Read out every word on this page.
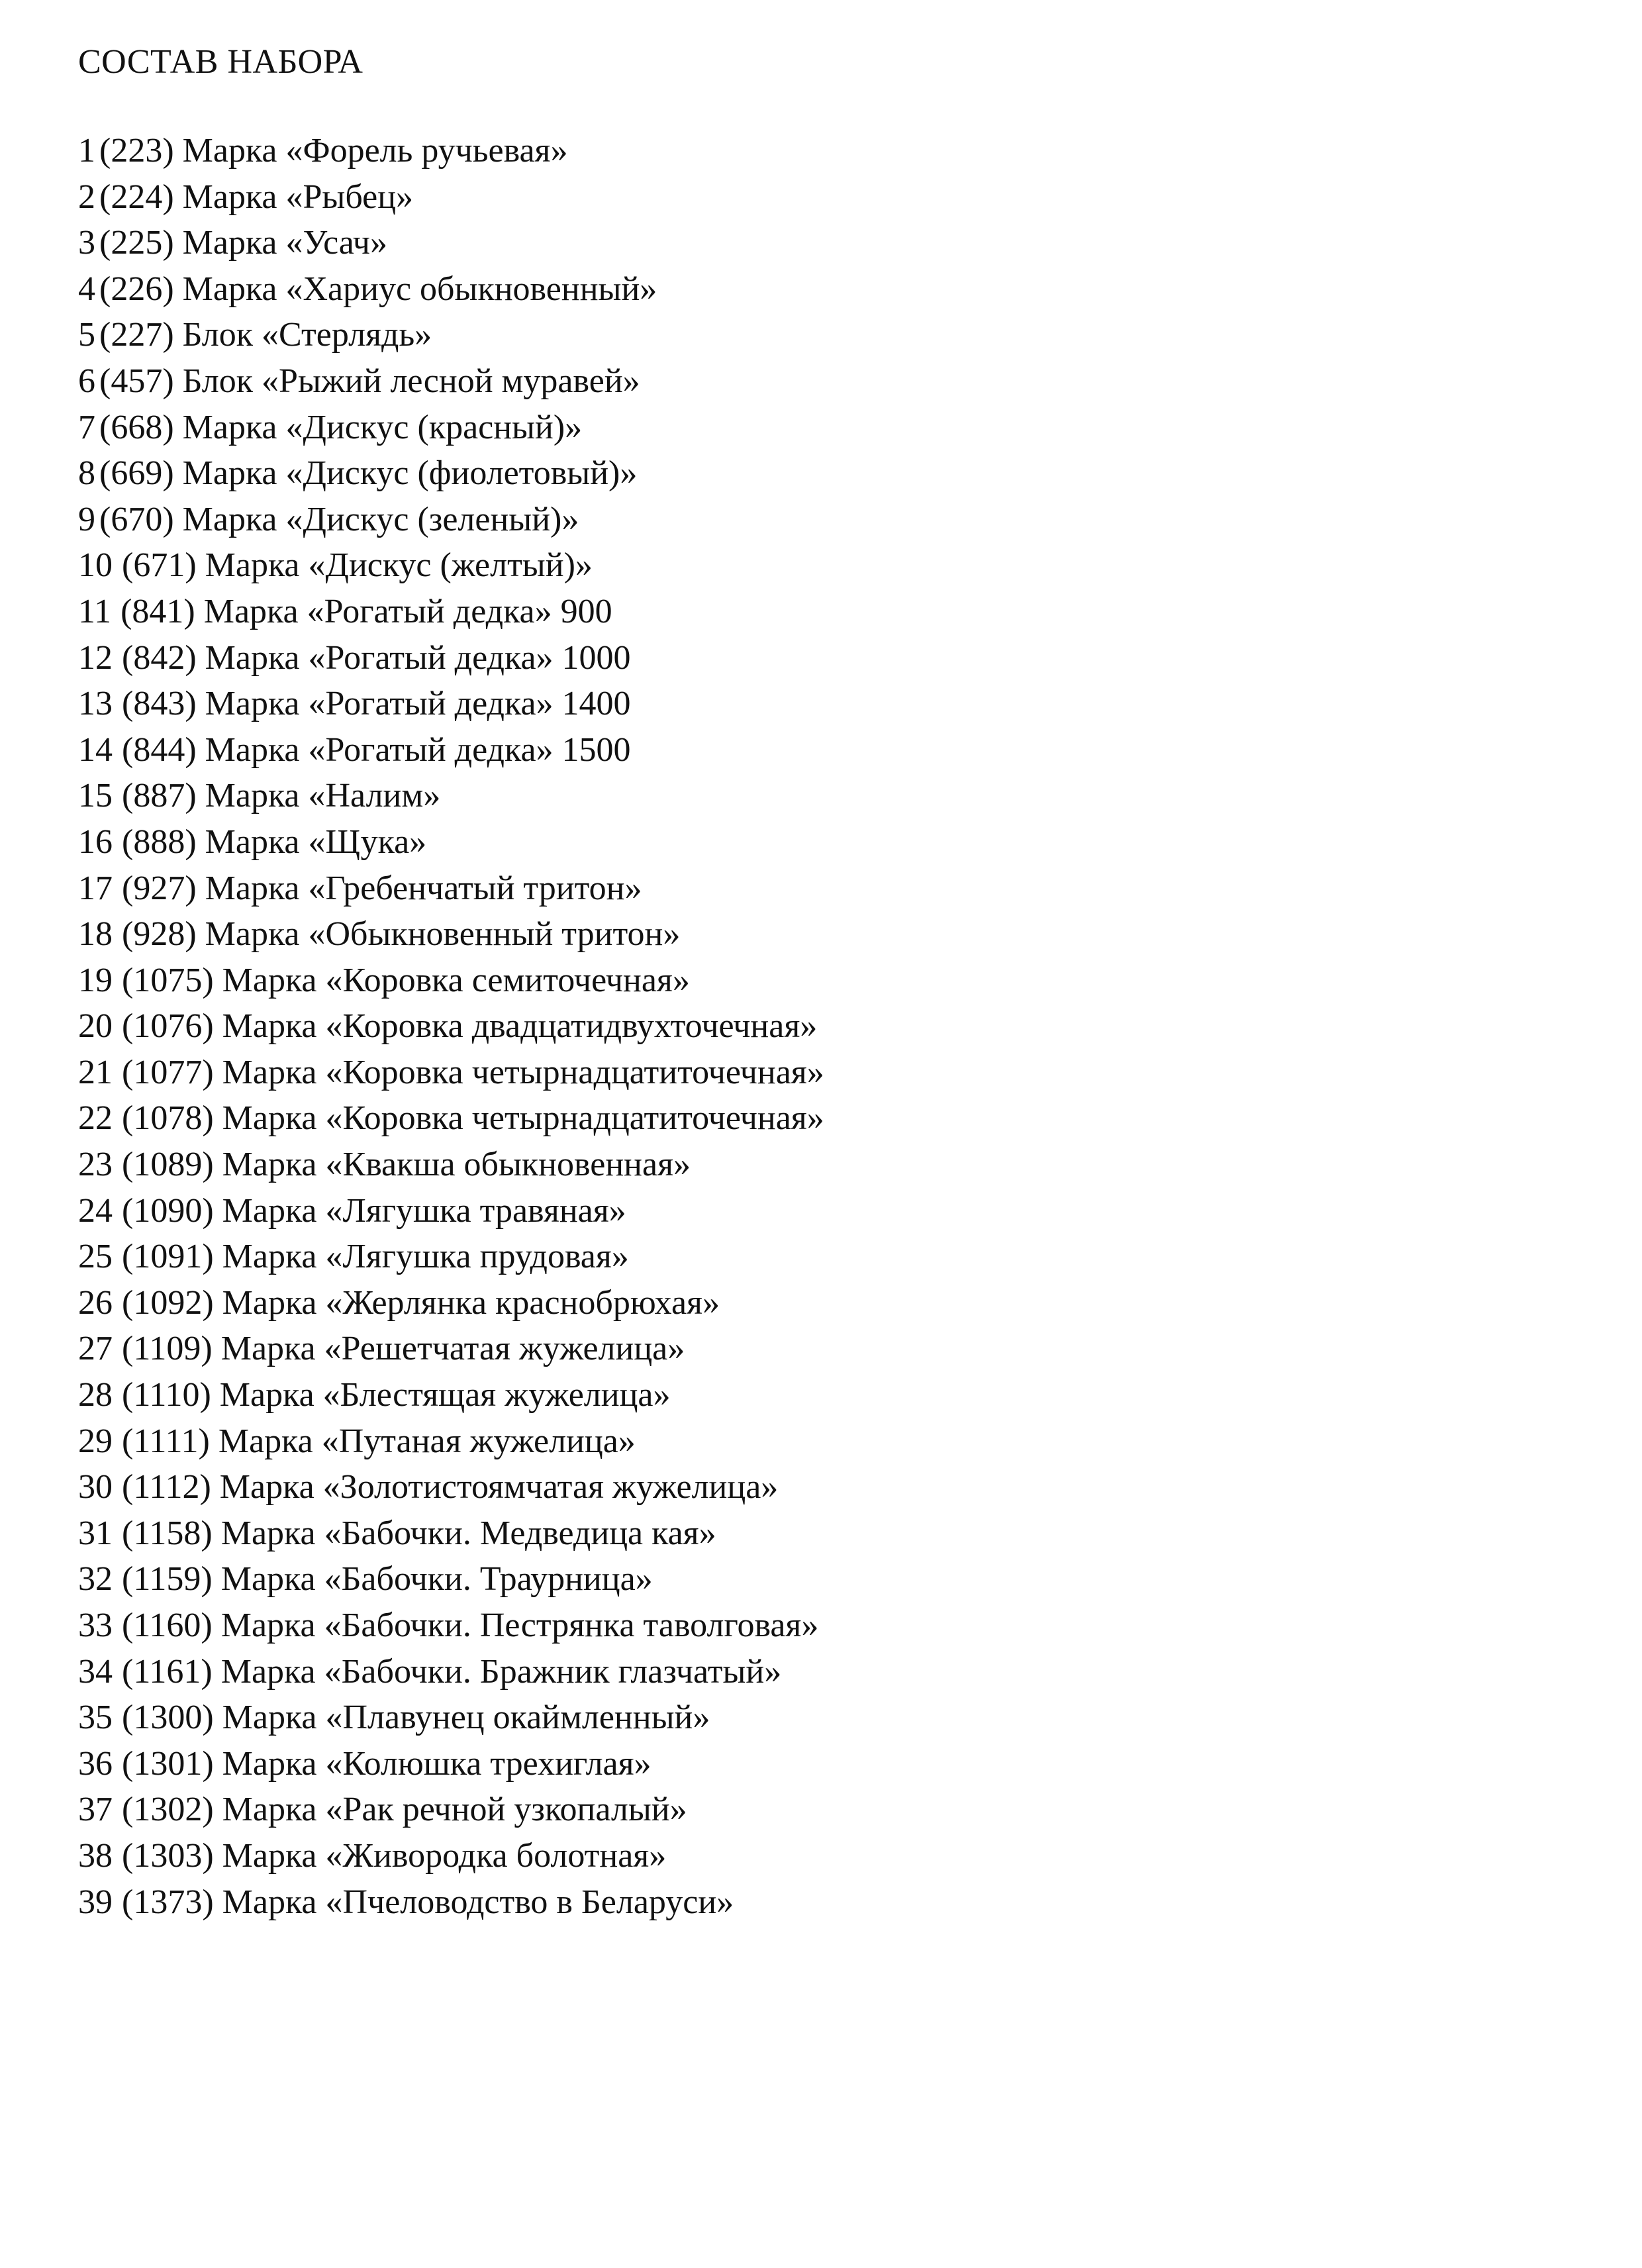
СОСТАВ НАБОРА
1 (223) Марка «Форель ручьевая»
2 (224) Марка «Рыбец»
3 (225) Марка «Усач»
4 (226) Марка «Хариус обыкновенный»
5 (227) Блок «Стерлядь»
6 (457) Блок «Рыжий лесной муравей»
7 (668) Марка «Дискус (красный)»
8 (669) Марка «Дискус (фиолетовый)»
9 (670) Марка «Дискус (зеленый)»
10 (671) Марка «Дискус (желтый)»
11 (841) Марка «Рогатый дедка» 900
12 (842) Марка «Рогатый дедка» 1000
13 (843) Марка «Рогатый дедка» 1400
14 (844) Марка «Рогатый дедка» 1500
15 (887) Марка «Налим»
16 (888) Марка «Щука»
17 (927) Марка «Гребенчатый тритон»
18 (928) Марка «Обыкновенный тритон»
19 (1075) Марка «Коровка семиточечная»
20 (1076) Марка «Коровка двадцатидвухточечная»
21 (1077) Марка «Коровка четырнадцатиточечная»
22 (1078) Марка «Коровка четырнадцатиточечная»
23 (1089) Марка «Квакша обыкновенная»
24 (1090) Марка «Лягушка травяная»
25 (1091) Марка «Лягушка прудовая»
26 (1092) Марка «Жерлянка краснобрюхая»
27 (1109) Марка «Решетчатая жужелица»
28 (1110) Марка «Блестящая жужелица»
29 (1111) Марка «Путаная жужелица»
30 (1112) Марка «Золотистоямчатая жужелица»
31 (1158) Марка «Бабочки. Медведица кая»
32 (1159) Марка «Бабочки. Траурница»
33 (1160) Марка «Бабочки. Пестрянка таволговая»
34 (1161) Марка «Бабочки. Бражник глазчатый»
35 (1300) Марка «Плавунец окаймленный»
36 (1301) Марка «Колюшка трехиглая»
37 (1302) Марка «Рак речной узкопалый»
38 (1303) Марка «Живородка болотная»
39 (1373) Марка «Пчеловодство в Беларуси»
